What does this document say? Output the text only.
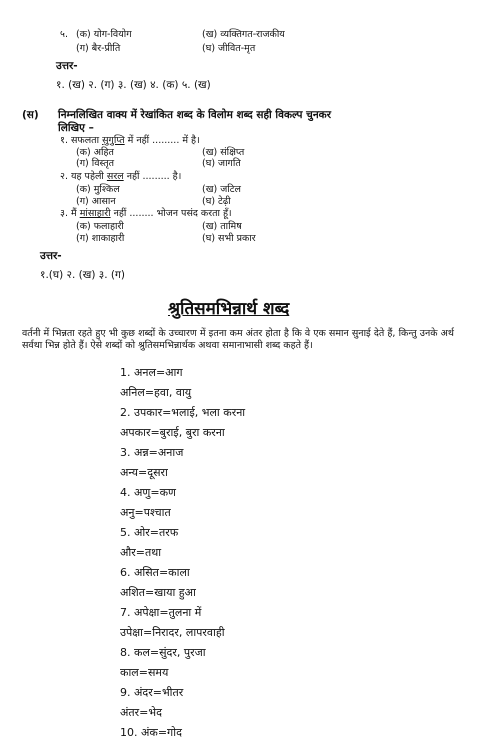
५. (क) योग-वियोग	(ख) व्यक्तिगत-राजकीय
(ग) बैर-प्रीति	(घ) जीवित-मृत
उत्तर-
१. (ख) २. (ग) ३. (ख) ४. (क) ५. (ख)
(स) निम्नलिखित वाक्य में रेखांकित शब्द के विलोम शब्द सही विकल्प चुनकर
लिखिए –
१. सफलता सुगुप्ति में नहीं ......... में है।
(क) अहित	(ख) संक्षिप्त
(ग) विस्तृत	(घ) जागति
२. यह पहेली सरल नहीं ......... है।
(क) मुश्किल	(ख) जटिल
(ग) आसान	(घ) टेढ़ी
३. मैं मांसाहारी नहीं ........ भोजन पसंद करता हूँ।
(क) फलाहारी	(ख) तामिष
(ग) शाकाहारी	(घ) सभी प्रकार
उत्तर-
१.(घ) २. (ख) ३. (ग)
श्रुतिसमभिन्नार्थ शब्द
वर्तनी में भिन्नता रहते हुए भी कुछ शब्दों के उच्चारण में इतना कम अंतर होता है कि वे एक समान सुनाई देते हैं, किन्तु उनके अर्थ सर्वथा भिन्न होते हैं। ऐसे शब्दों को श्रुतिसमभिन्नार्थक अथवा समानाभासी शब्द कहते हैं।
1. अनल=आग
अनिल=हवा, वायु
2. उपकार=भलाई, भला करना
अपकार=बुराई, बुरा करना
3. अन्न=अनाज
अन्य=दूसरा
4. अणु=कण
अनु=पश्चात
5. ओर=तरफ
और=तथा
6. असित=काला
अशित=खाया हुआ
7. अपेक्षा=तुलना में
उपेक्षा=निरादर, लापरवाही
8. कल=सुंदर, पुरजा
काल=समय
9. अंदर=भीतर
अंतर=भेद
10. अंक=गोद
